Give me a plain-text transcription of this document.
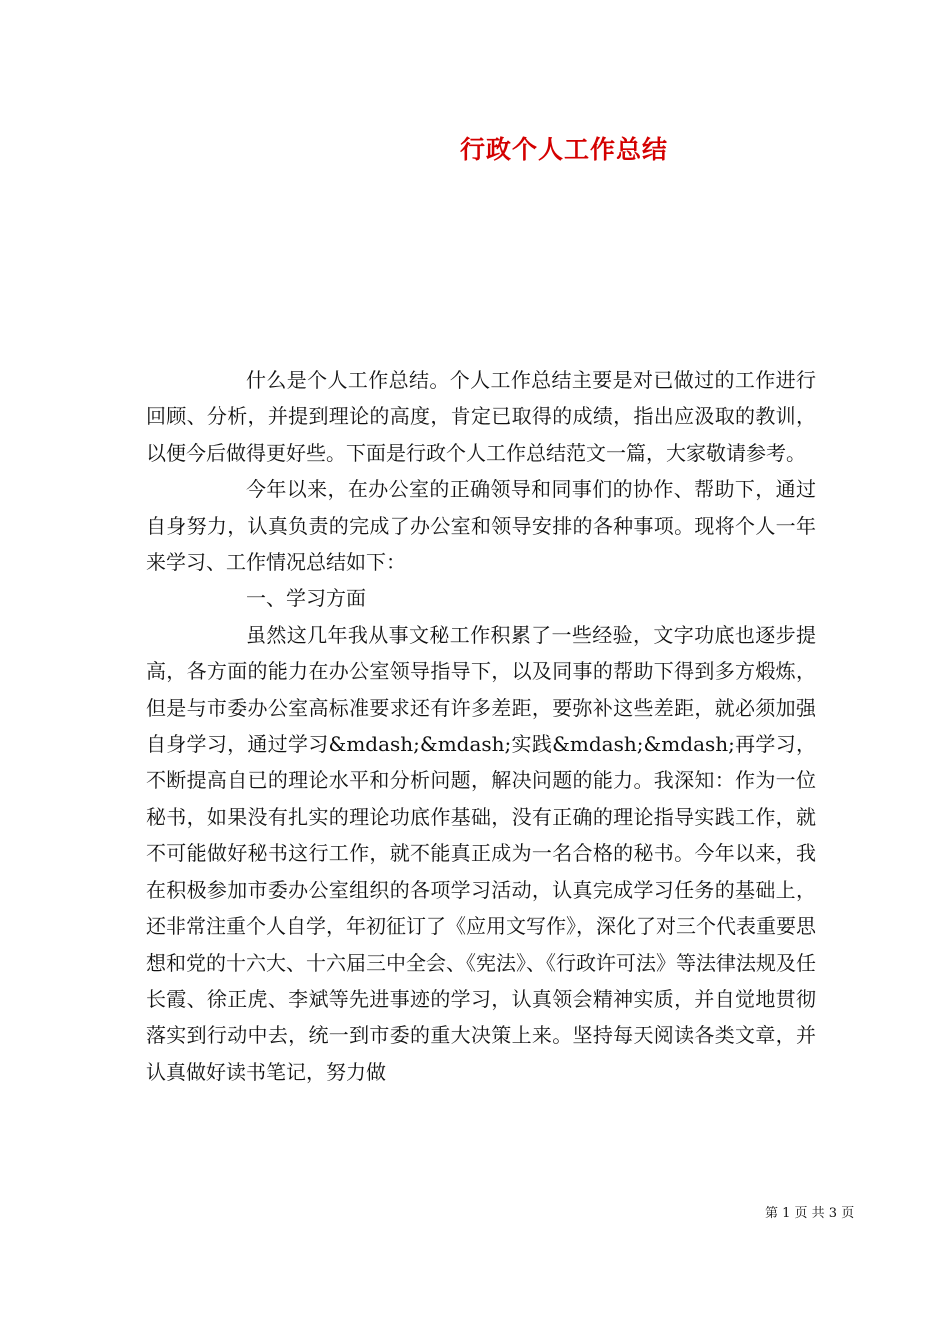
行政个人工作总结

什么是个人工作总结。个人工作总结主要是对已做过的工作进行回顾、分析，并提到理论的高度，肯定已取得的成绩，指出应汲取的教训，以便今后做得更好些。下面是行政个人工作总结范文一篇，大家敬请参考。

今年以来，在办公室的正确领导和同事们的协作、帮助下，通过自身努力，认真负责的完成了办公室和领导安排的各种事项。现将个人一年来学习、工作情况总结如下：

一、学习方面

虽然这几年我从事文秘工作积累了一些经验，文字功底也逐步提高，各方面的能力在办公室领导指导下，以及同事的帮助下得到多方煅炼，但是与市委办公室高标准要求还有许多差距，要弥补这些差距，就必须加强自身学习，通过学习&mdash;&mdash;实践&mdash;&mdash;再学习，不断提高自已的理论水平和分析问题，解决问题的能力。我深知：作为一位秘书，如果没有扎实的理论功底作基础，没有正确的理论指导实践工作，就不可能做好秘书这行工作，就不能真正成为一名合格的秘书。今年以来，我在积极参加市委办公室组织的各项学习活动，认真完成学习任务的基础上，还非常注重个人自学，年初征订了《应用文写作》，深化了对三个代表重要思想和党的十六大、十六届三中全会、《宪法》、《行政许可法》等法律法规及任长霞、徐正虎、李斌等先进事迹的学习，认真领会精神实质，并自觉地贯彻落实到行动中去，统一到市委的重大决策上来。坚持每天阅读各类文章，并认真做好读书笔记，努力做

第 1 页 共 3 页
